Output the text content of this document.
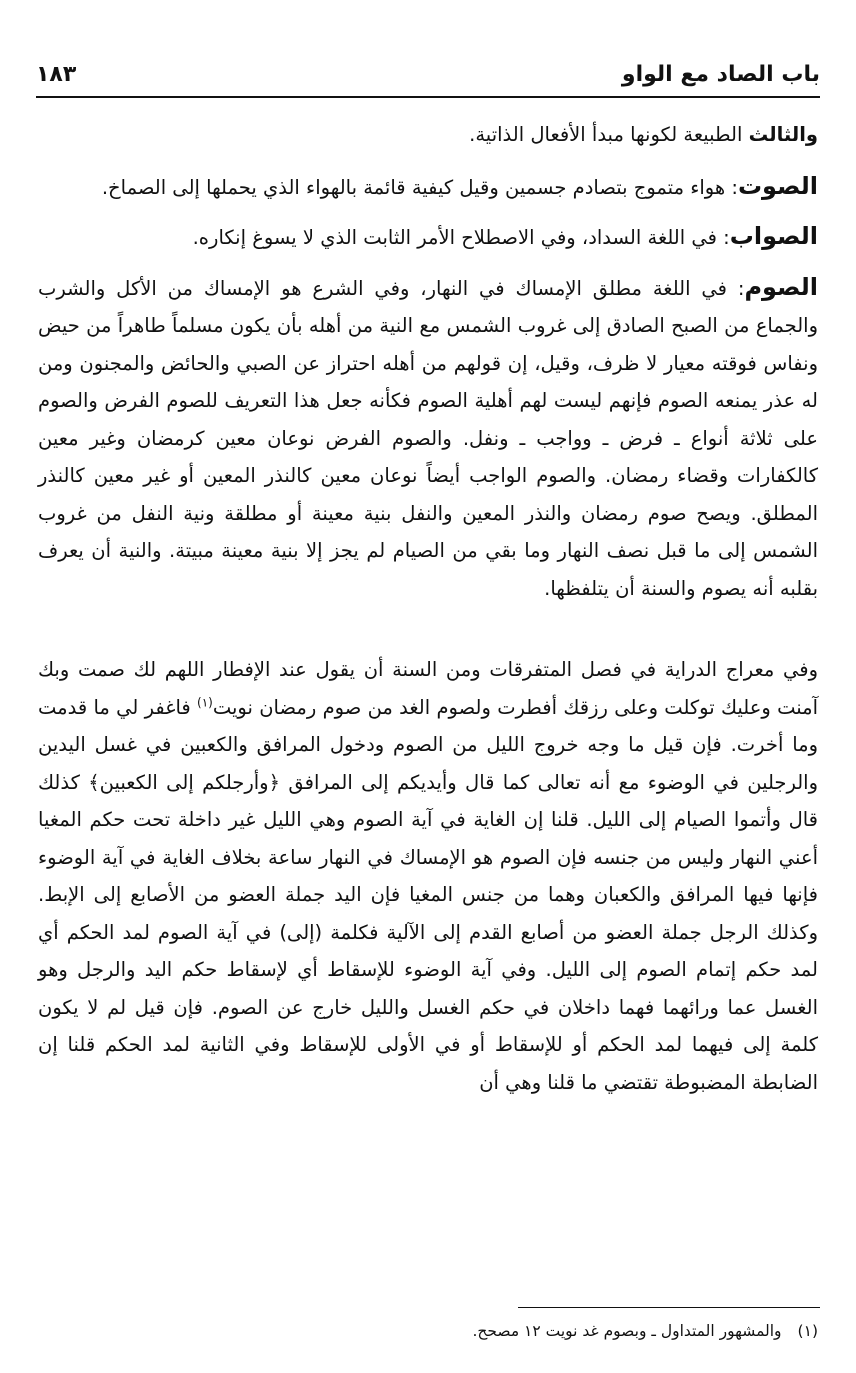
باب الصاد مع الواو
١٨٣

والثالث الطبيعة لكونها مبدأ الأفعال الذاتية.

الصوت: هواء متموج بتصادم جسمين وقيل كيفية قائمة بالهواء الذي يحملها إلى الصماخ.

الصواب: في اللغة السداد، وفي الاصطلاح الأمر الثابت الذي لا يسوغ إنكاره.

الصوم: في اللغة مطلق الإمساك في النهار، وفي الشرع هو الإمساك من الأكل والشرب والجماع من الصبح الصادق إلى غروب الشمس مع النية من أهله بأن يكون مسلماً طاهراً من حيض ونفاس فوقته معيار لا ظرف، وقيل، إن قولهم من أهله احتراز عن الصبي والحائض والمجنون ومن له عذر يمنعه الصوم فإنهم ليست لهم أهلية الصوم فكأنه جعل هذا التعريف للصوم الفرض والصوم على ثلاثة أنواع ـ فرض ـ وواجب ـ ونفل. والصوم الفرض نوعان معين كرمضان وغير معين كالكفارات وقضاء رمضان. والصوم الواجب أيضاً نوعان معين كالنذر المعين أو غير معين كالنذر المطلق. ويصح صوم رمضان والنذر المعين والنفل بنية معينة أو مطلقة ونية النفل من غروب الشمس إلى ما قبل نصف النهار وما بقي من الصيام لم يجز إلا بنية معينة مبيتة. والنية أن يعرف بقلبه أنه يصوم والسنة أن يتلفظها.

وفي معراج الدراية في فصل المتفرقات ومن السنة أن يقول عند الإفطار اللهم لك صمت وبك آمنت وعليك توكلت وعلى رزقك أفطرت ولصوم الغد من صوم رمضان نويت$^{(١)}$ فاغفر لي ما قدمت وما أخرت. فإن قيل ما وجه خروج الليل من الصوم ودخول المرافق والكعبين في غسل اليدين والرجلين في الوضوء مع أنه تعالى كما قال وأيديكم إلى المرافق ﴿وأرجلكم إلى الكعبين﴾ كذلك قال وأتموا الصيام إلى الليل. قلنا إن الغاية في آية الصوم وهي الليل غير داخلة تحت حكم المغيا أعني النهار وليس من جنسه فإن الصوم هو الإمساك في النهار ساعة بخلاف الغاية في آية الوضوء فإنها فيها المرافق والكعبان وهما من جنس المغيا فإن اليد جملة العضو من الأصابع إلى الإبط. وكذلك الرجل جملة العضو من أصابع القدم إلى الآلية فكلمة (إلى) في آية الصوم لمد الحكم أي لمد حكم إتمام الصوم إلى الليل. وفي آية الوضوء للإسقاط أي لإسقاط حكم اليد والرجل وهو الغسل عما ورائهما فهما داخلان في حكم الغسل والليل خارج عن الصوم. فإن قيل لم لا يكون كلمة إلى فيهما لمد الحكم أو للإسقاط أو في الأولى للإسقاط وفي الثانية لمد الحكم قلنا إن الضابطة المضبوطة تقتضي ما قلنا وهي أن

(١)والمشهور المتداول ـ وبصوم غد نويت ١٢ مصحح.
